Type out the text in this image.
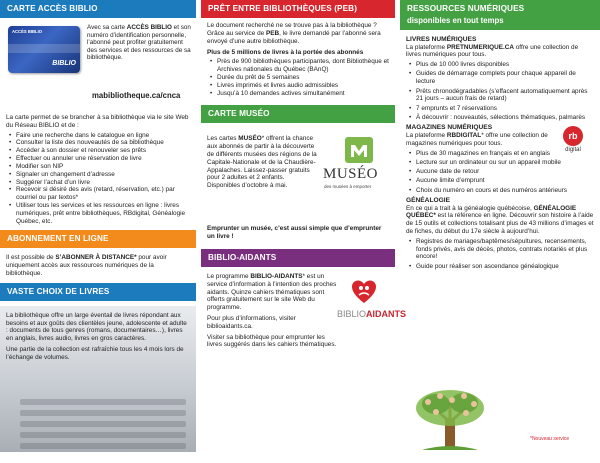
CARTE ACCÈS BIBLIO
ACCÈS BIBLIO
BIBLIO

Avec sa carte ACCÈS BIBLIO et son numéro d’identification personnelle, l’abonné peut profiter gratuitement des services et des ressources de sa bibliothèque.

mabibliotheque.ca/cnca

La carte permet de se brancher à sa bibliothèque via le site Web du Réseau BIBLIO et de :

• Faire une recherche dans le catalogue en ligne
• Consulter la liste des nouveautés de sa bibliothèque
• Accéder à son dossier et renouveler ses prêts
• Effectuer ou annuler une réservation de livre
• Modifier son NIP
• Signaler un changement d’adresse
• Suggérer l’achat d’un livre
• Recevoir si désiré des avis (retard, réservation, etc.) par courriel ou par textos*
• Utiliser tous les services et les ressources en ligne : livres numériques, prêt entre bibliothèques, RBdigital, Généalogie Québec, etc.
ABONNEMENT EN LIGNE

Il est possible de S’ABONNER À DISTANCE* pour avoir uniquement accès aux ressources numériques de la bibliothèque.

VASTE CHOIX DE LIVRES

La bibliothèque offre un large éventail de livres répondant aux besoins et aux goûts des clientèles jeune, adolescente et adulte : documents de tous genres (romans, documentaires…), livres en anglais, livres audio, livres en gros caractères.

Une partie de la collection est rafraîchie tous les 4 mois lors de l’échange de volumes.

PRÊT ENTRE BIBLIOTHÈQUES (PEB)

Le document recherché ne se trouve pas à la bibliothèque ? Grâce au service de PEB, le livre demandé par l’abonné sera envoyé d’une autre bibliothèque.

Plus de 5 millions de livres à la portée des abonnés

• Près de 900 bibliothèques participantes, dont Bibliothèque et Archives nationales du Québec (BAnQ)
• Durée du prêt de 5 semaines
• Livres imprimés et livres audio admissibles
• Jusqu’à 10 demandes actives simultanément
CARTE MUSÉO

Les cartes MUSÉO* offrent la chance aux abonnés de partir à la découverte de différents musées des régions de la Capitale-Nationale et de la Chaudière-Appalaches. Laissez-passer gratuits pour 2 adultes et 2 enfants. Disponibles d’octobre à mai.

MUSÉO
des musées à emporter

Emprunter un musée, c’est aussi simple que d’emprunter un livre !

BIBLIO-AIDANTS

Le programme BIBLIO-AIDANTS* est un service d’information à l’intention des proches aidants. Quinze cahiers thématiques sont offerts gratuitement sur le site Web du programme.

Pour plus d’informations, visiter biblioaidants.ca.

Visiter sa bibliothèque pour emprunter les livres suggérés dans les cahiers thématiques.

BIBLIOAIDANTS
RESSOURCES NUMÉRIQUES
disponibles en tout temps

LIVRES NUMÉRIQUES

La plateforme PRETNUMERIQUE.CA offre une collection de livres numériques pour tous.

• Plus de 10 000 livres disponibles
• Guides de démarrage complets pour chaque appareil de lecture
• Prêts chronodégradables (s’effacent automatiquement après 21 jours – aucun frais de retard)
• 7 emprunts et 7 réservations
• À découvrir : nouveautés, sélections thématiques, palmarès
rb
digital

MAGAZINES NUMÉRIQUES

La plateforme RBDIGITAL* offre une collection de magazines numériques pour tous.

• Plus de 30 magazines en français et en anglais
• Lecture sur un ordinateur ou sur un appareil mobile
• Aucune date de retour
• Aucune limite d’emprunt
• Choix du numéro en cours et des numéros antérieurs

GÉNÉALOGIE

En ce qui a trait à la généalogie québécoise, GÉNÉALOGIE QUÉBEC* est la référence en ligne. Découvrir son histoire à l’aide de 15 outils et collections totalisant plus de 43 millions d’images et de fiches, du début du 17e siècle à aujourd’hui.

• Registres de mariages/baptêmes/sépultures, recensements, fonds privés, avis de décès, photos, contrats notariés et plus encore!
• Guide pour réaliser son ascendance généalogique
*Nouveau service
